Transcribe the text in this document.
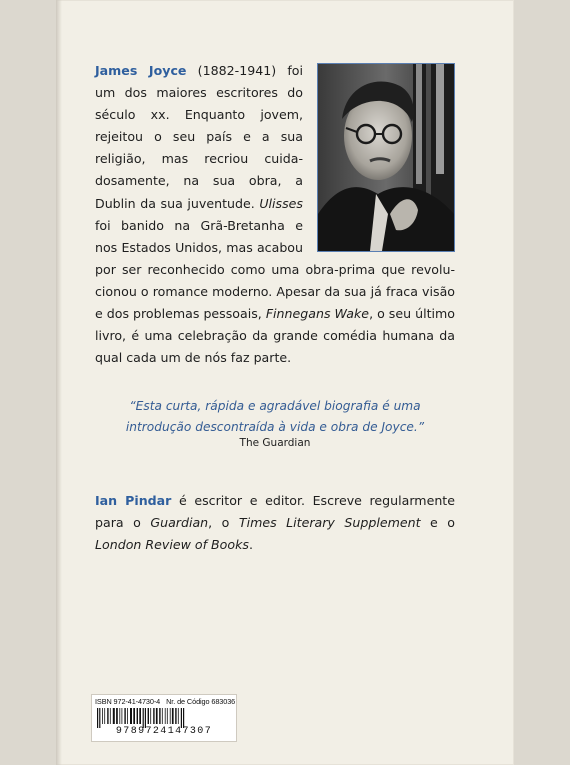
James Joyce (1882-1941) foi um dos maiores escritores do século xx. Enquanto jovem, rejeitou o seu país e a sua religião, mas recriou cuidadosamente, na sua obra, a Dublin da sua juventude. Ulisses foi banido na Grã-Bretanha e nos Estados Unidos, mas acabou por ser reconhecido como uma obra-prima que revolucionou o romance moderno. Apesar da sua já fraca visão e dos problemas pessoais, Finnegans Wake, o seu último livro, é uma celebração da grande comédia humana da qual cada um de nós faz parte.
“Esta curta, rápida e agradável biografia é uma introdução descontraída à vida e obra de Joyce.”
The Guardian
Ian Pindar é escritor e editor. Escreve regularmente para o Guardian, o Times Literary Supplement e o London Review of Books.
ISBN 972-41-4730-4 Nr. de Código 683036
9789724147307
